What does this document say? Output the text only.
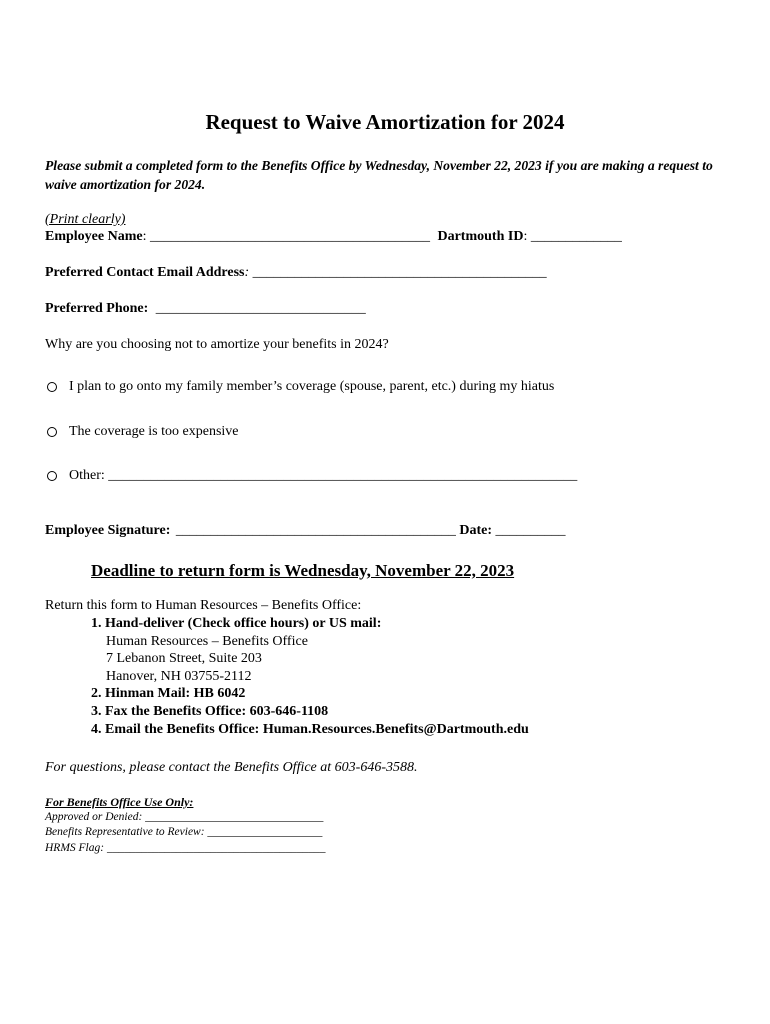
Request to Waive Amortization for 2024
Please submit a completed form to the Benefits Office by Wednesday, November 22, 2023 if you are making a request to waive amortization for 2024.
(Print clearly)
Employee Name: ________________________________________ Dartmouth ID: _____________
Preferred Contact Email Address: __________________________________________
Preferred Phone: ______________________________
Why are you choosing not to amortize your benefits in 2024?
I plan to go onto my family member’s coverage (spouse, parent, etc.) during my hiatus
The coverage is too expensive
Other: ___________________________________________________________________
Employee Signature: ________________________________________ Date: __________
Deadline to return form is Wednesday, November 22, 2023
Return this form to Human Resources – Benefits Office:
1. Hand-deliver (Check office hours) or US mail:
Human Resources – Benefits Office
7 Lebanon Street, Suite 203
Hanover, NH 03755-2112
2. Hinman Mail: HB 6042
3. Fax the Benefits Office: 603-646-1108
4. Email the Benefits Office: Human.Resources.Benefits@Dartmouth.edu
For questions, please contact the Benefits Office at 603-646-3588.
For Benefits Office Use Only:
Approved or Denied: _______________________________
Benefits Representative to Review: ____________________
HRMS Flag: ______________________________________
